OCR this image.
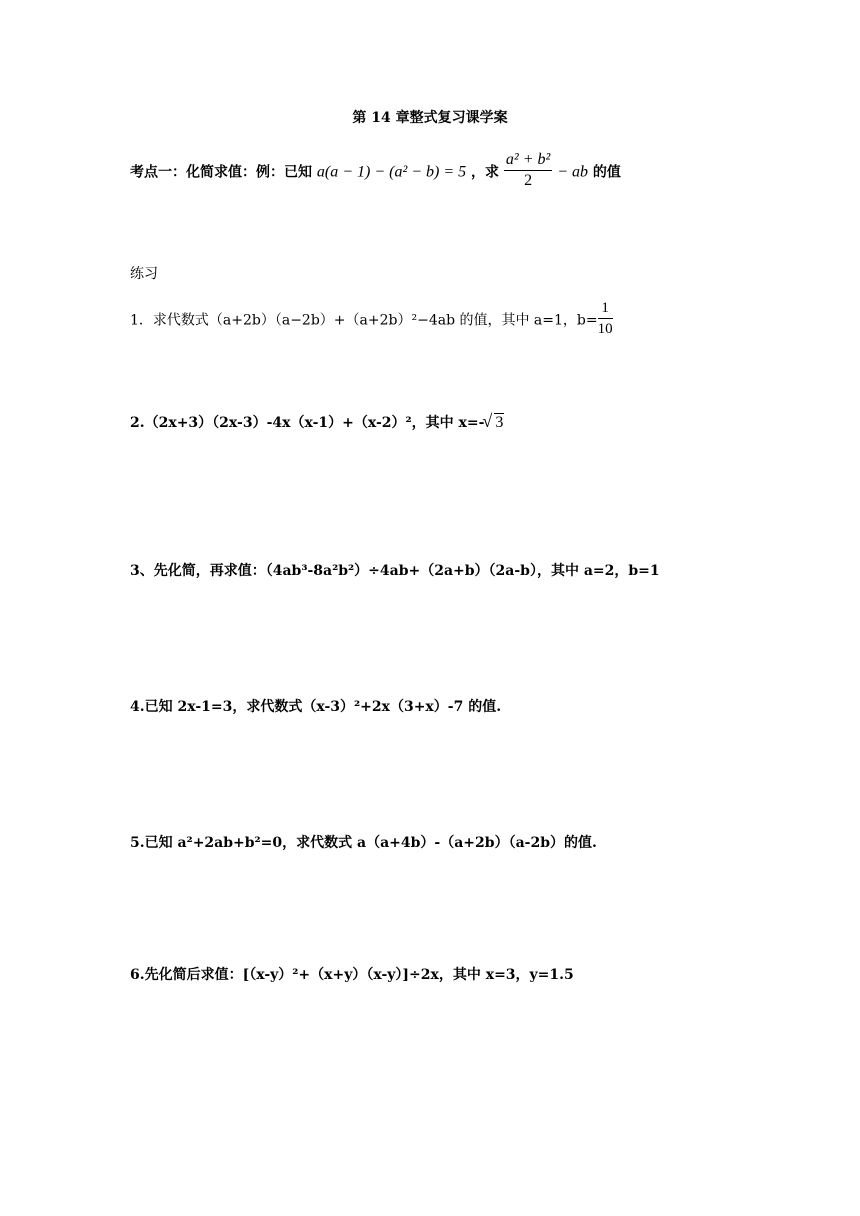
第 14 章整式复习课学案
考点一：化简求值：例：已知 a(a − 1) − (a² − b) = 5 ，求 $\frac{\text{a² + b²}}{2}$ − ab 的值
练习
1．求代数式（a+2b）（a−2b）+（a+2b）²−4ab 的值，其中 a=1，$b= \frac{1}{10}$
2.（2x+3）（2x-3）-4x（x-1）+（x-2）²，其中 x=-√ 3
3、先化简，再求值：（4ab³-8a²b²）÷4ab+（2a+b）（2a-b），其中 a=2，b=1
4.已知 2x-1=3，求代数式（x-3）²+2x（3+x）-7 的值.
5.已知 a²+2ab+b²=0，求代数式 a（a+4b）-（a+2b）（a-2b）的值.
6.先化简后求值：[（x-y）²+（x+y）（x-y）]÷2x，其中 x=3，y=1.5
